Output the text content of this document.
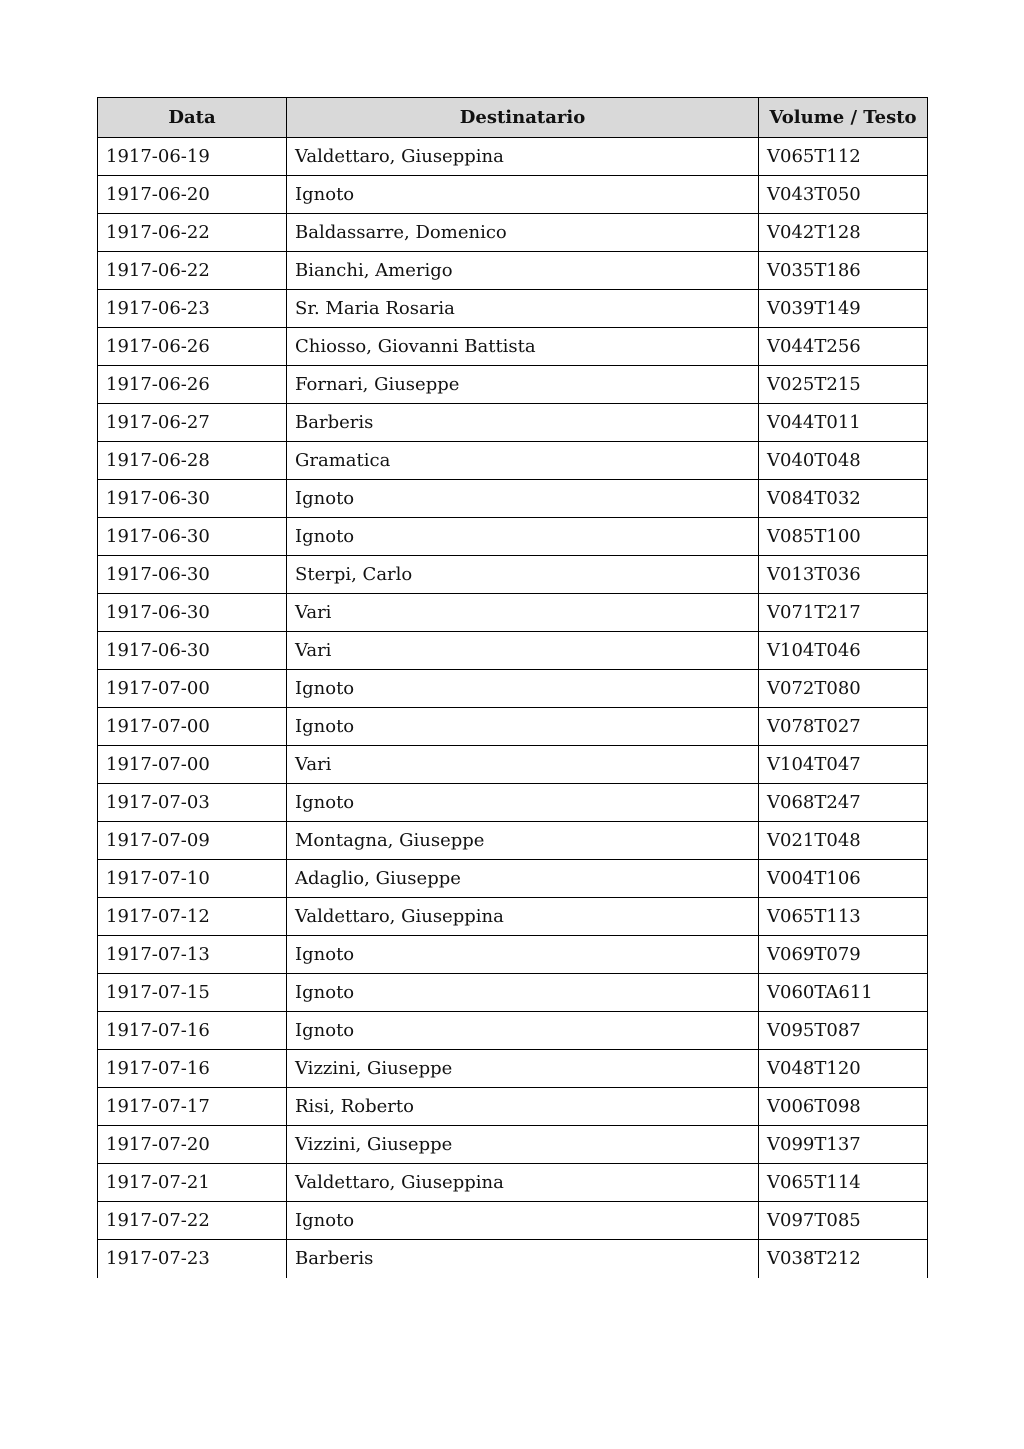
Data	Destinatario	Volume / Testo
1917-06-19	Valdettaro, Giuseppina	V065T112
1917-06-20	Ignoto	V043T050
1917-06-22	Baldassarre, Domenico	V042T128
1917-06-22	Bianchi, Amerigo	V035T186
1917-06-23	Sr. Maria Rosaria	V039T149
1917-06-26	Chiosso, Giovanni Battista	V044T256
1917-06-26	Fornari, Giuseppe	V025T215
1917-06-27	Barberis	V044T011
1917-06-28	Gramatica	V040T048
1917-06-30	Ignoto	V084T032
1917-06-30	Ignoto	V085T100
1917-06-30	Sterpi, Carlo	V013T036
1917-06-30	Vari	V071T217
1917-06-30	Vari	V104T046
1917-07-00	Ignoto	V072T080
1917-07-00	Ignoto	V078T027
1917-07-00	Vari	V104T047
1917-07-03	Ignoto	V068T247
1917-07-09	Montagna, Giuseppe	V021T048
1917-07-10	Adaglio, Giuseppe	V004T106
1917-07-12	Valdettaro, Giuseppina	V065T113
1917-07-13	Ignoto	V069T079
1917-07-15	Ignoto	V060TA611
1917-07-16	Ignoto	V095T087
1917-07-16	Vizzini, Giuseppe	V048T120
1917-07-17	Risi, Roberto	V006T098
1917-07-20	Vizzini, Giuseppe	V099T137
1917-07-21	Valdettaro, Giuseppina	V065T114
1917-07-22	Ignoto	V097T085
1917-07-23	Barberis	V038T212
